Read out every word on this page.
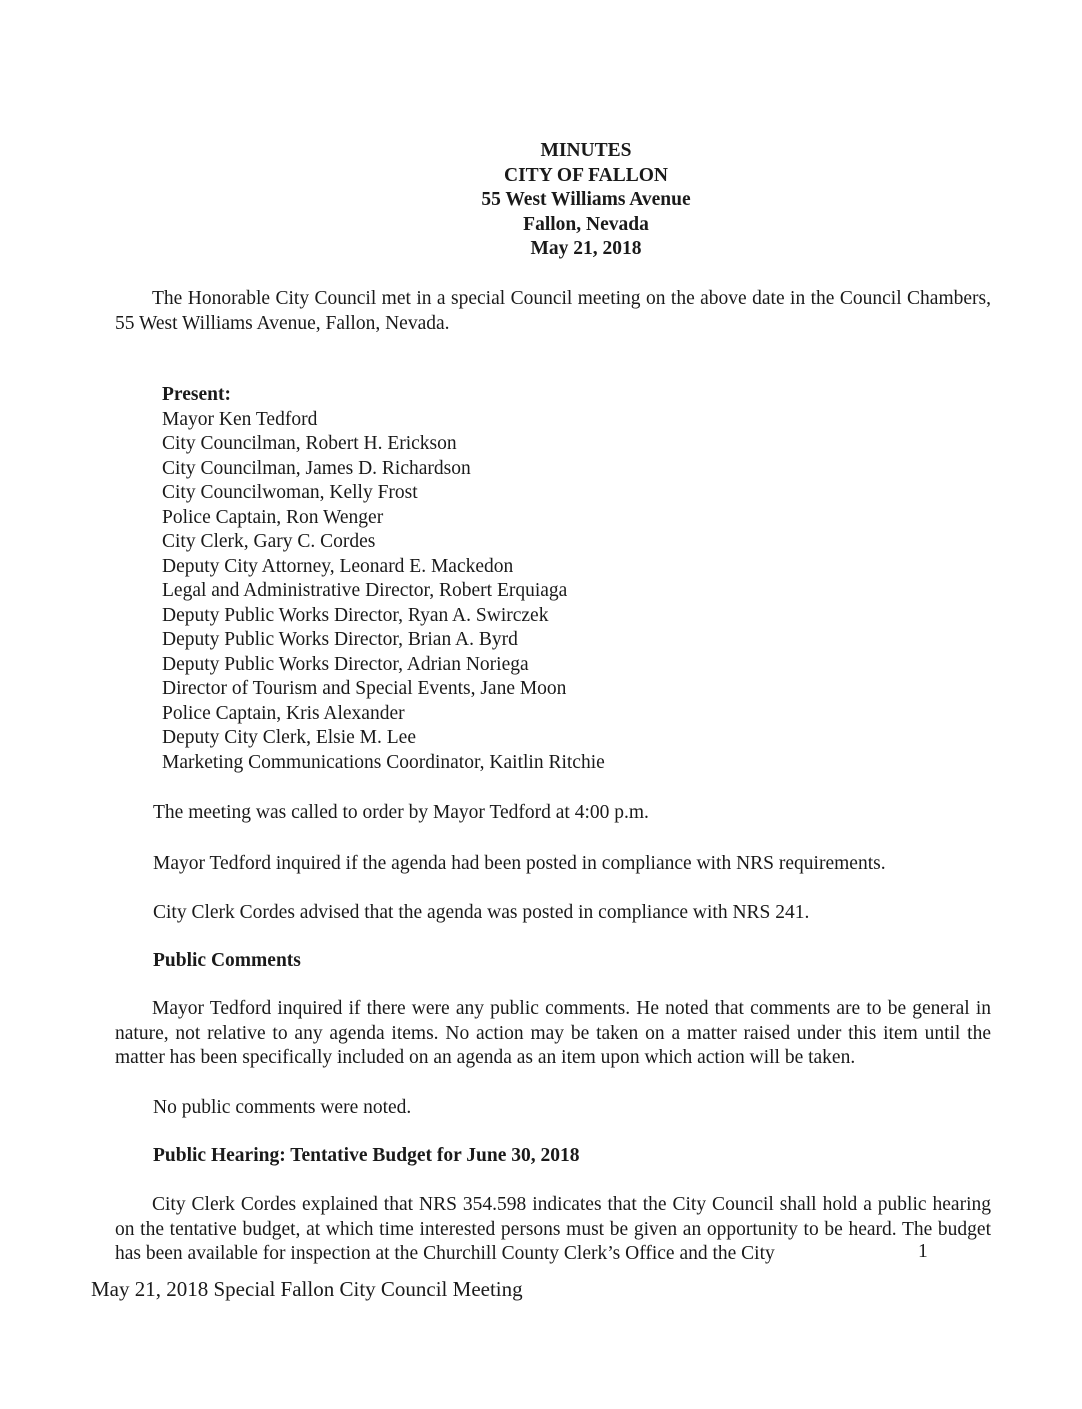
MINUTES
CITY OF FALLON
55 West Williams Avenue
Fallon, Nevada
May 21, 2018
The Honorable City Council met in a special Council meeting on the above date in the Council Chambers, 55 West Williams Avenue, Fallon, Nevada.
Present:
Mayor Ken Tedford
City Councilman, Robert H. Erickson
City Councilman, James D. Richardson
City Councilwoman, Kelly Frost
Police Captain, Ron Wenger
City Clerk, Gary C. Cordes
Deputy City Attorney, Leonard E. Mackedon
Legal and Administrative Director, Robert Erquiaga
Deputy Public Works Director, Ryan A. Swirczek
Deputy Public Works Director, Brian A. Byrd
Deputy Public Works Director, Adrian Noriega
Director of Tourism and Special Events, Jane Moon
Police Captain, Kris Alexander
Deputy City Clerk, Elsie M. Lee
Marketing Communications Coordinator, Kaitlin Ritchie
The meeting was called to order by Mayor Tedford at 4:00 p.m.
Mayor Tedford inquired if the agenda had been posted in compliance with NRS requirements.
City Clerk Cordes advised that the agenda was posted in compliance with NRS 241.
Public Comments
Mayor Tedford inquired if there were any public comments. He noted that comments are to be general in nature, not relative to any agenda items. No action may be taken on a matter raised under this item until the matter has been specifically included on an agenda as an item upon which action will be taken.
No public comments were noted.
Public Hearing: Tentative Budget for June 30, 2018
City Clerk Cordes explained that NRS 354.598 indicates that the City Council shall hold a public hearing on the tentative budget, at which time interested persons must be given an opportunity to be heard. The budget has been available for inspection at the Churchill County Clerk’s Office and the City	1
May 21, 2018 Special Fallon City Council Meeting
